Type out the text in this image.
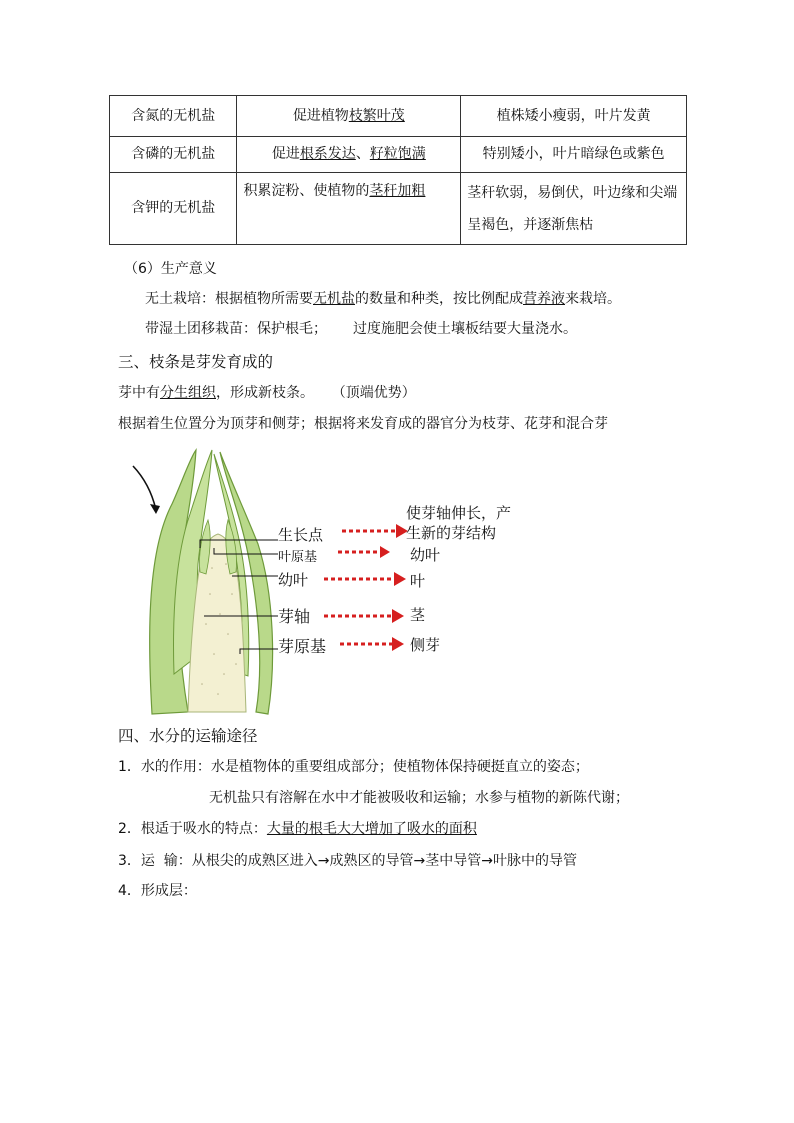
含氮的无机盐	促进植物枝繁叶茂	植株矮小瘦弱，叶片发黄
含磷的无机盐	促进根系发达、籽粒饱满	特别矮小，叶片暗绿色或紫色
含钾的无机盐	积累淀粉、使植物的茎秆加粗	茎秆软弱，易倒伏，叶边缘和尖端
呈褐色，并逐渐焦枯
（6）生产意义
无土栽培：根据植物所需要无机盐的数量和种类，按比例配成营养液来栽培。
带湿土团移栽苗：保护根毛； 过度施肥会使土壤板结要大量浇水。
三、枝条是芽发育成的
芽中有分生组织，形成新枝条。    （顶端优势）
根据着生位置分为顶芽和侧芽；根据将来发育成的器官分为枝芽、花芽和混合芽
生长点
叶原基
幼叶
芽轴
芽原基
使芽轴伸长，产
生新的芽结构
幼叶
叶
茎
侧芽
四、水分的运输途径
1．水的作用：水是植物体的重要组成部分；使植物体保持硬挺直立的姿态；
无机盐只有溶解在水中才能被吸收和运输；水参与植物的新陈代谢；
2．根适于吸水的特点：大量的根毛大大增加了吸水的面积
3．运  输：从根尖的成熟区进入→成熟区的导管→茎中导管→叶脉中的导管
4．形成层：
